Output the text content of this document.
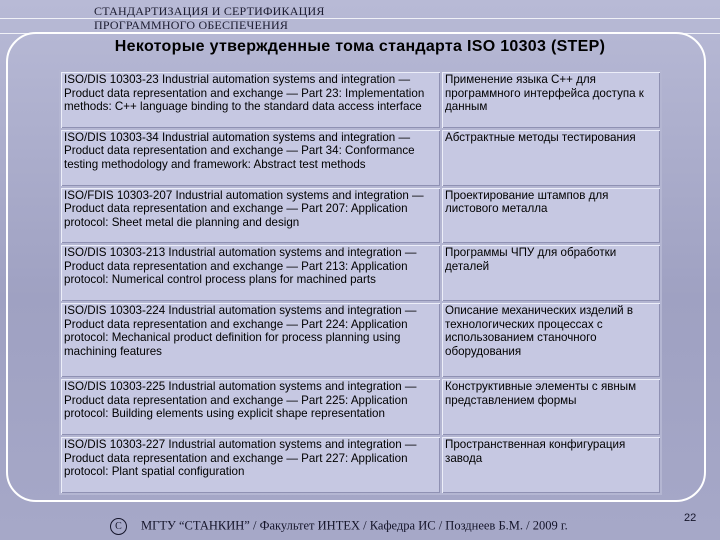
СТАНДАРТИЗАЦИЯ И СЕРТИФИКАЦИЯ
ПРОГРАММНОГО ОБЕСПЕЧЕНИЯ
Некоторые утвержденные тома стандарта ISO 10303 (STEP)
ISO/DIS 10303-23 Industrial automation systems and integration — Product data representation and exchange — Part 23: Implementation methods: C++ language binding to the standard data access interface	Применение языка С++ для программного интерфейса доступа к данным
ISO/DIS 10303-34 Industrial automation systems and integration — Product data representation and exchange — Part 34: Conformance testing methodology and framework: Abstract test methods	Абстрактные методы тестирования
ISO/FDIS 10303-207 Industrial automation systems and integration — Product data representation and exchange — Part 207: Application protocol: Sheet metal die planning and design	Проектирование штампов для листового металла
ISO/DIS 10303-213 Industrial automation systems and integration — Product data representation and exchange — Part 213: Application protocol: Numerical control process plans for machined parts	Программы ЧПУ для обработки деталей
ISO/DIS 10303-224 Industrial automation systems and integration — Product data representation and exchange — Part 224: Application protocol: Mechanical product definition for process planning using machining features	Описание механических изделий в технологических процессах с использованием станочного оборудования
ISO/DIS 10303-225 Industrial automation systems and integration — Product data representation and exchange — Part 225: Application protocol: Building elements using explicit shape representation	Конструктивные элементы с явным представлением формы
ISO/DIS 10303-227 Industrial automation systems and integration — Product data representation and exchange — Part 227: Application protocol: Plant spatial configuration	Пространственная конфигурация завода
С МГТУ “СТАНКИН” / Факультет ИНТЕХ / Кафедра ИС / Позднеев Б.М. / 2009 г.
22
